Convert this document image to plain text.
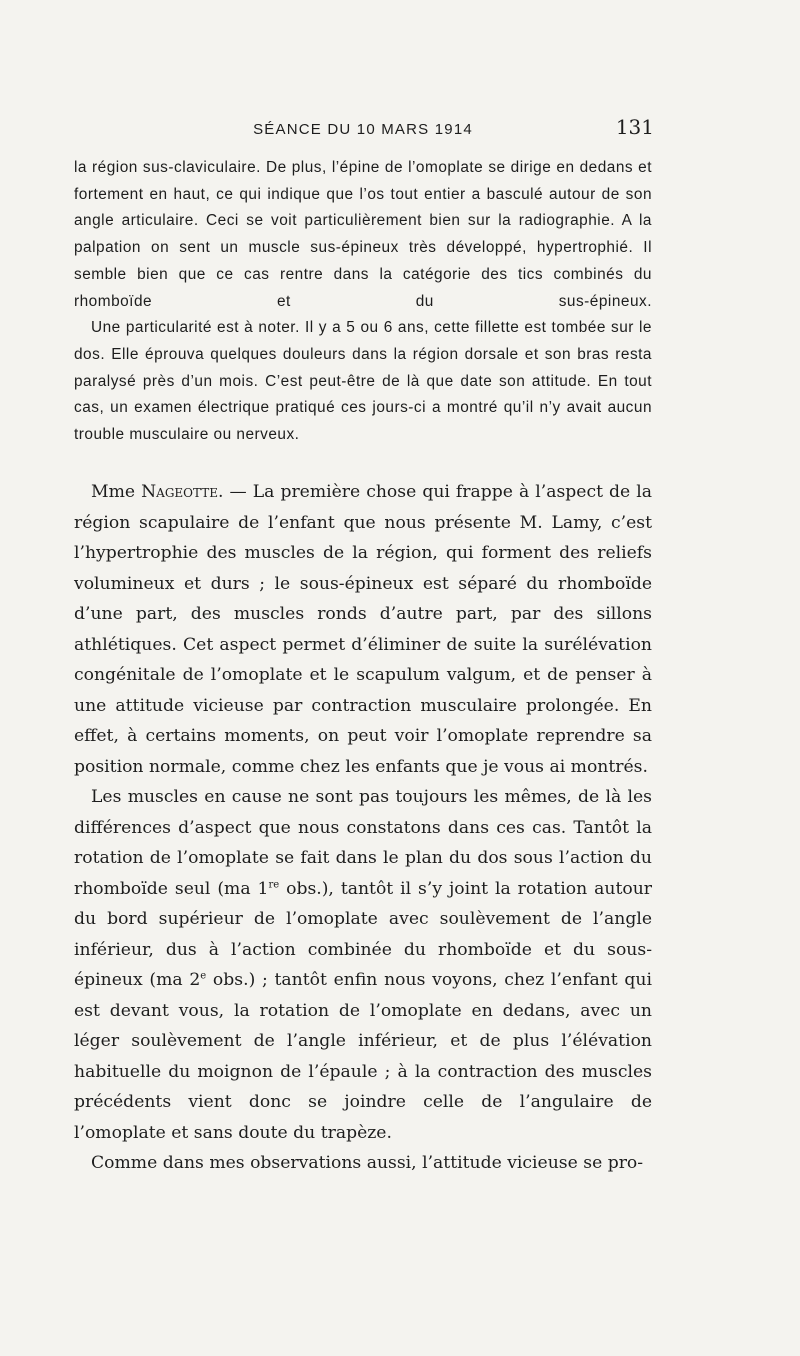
SÉANCE DU 10 MARS 1914	131

la région sus-claviculaire. De plus, l’épine de l’omoplate se dirige en dedans et fortement en haut, ce qui indique que l’os tout entier a basculé autour de son angle articulaire. Ceci se voit particulièrement bien sur la radiographie. A la palpation on sent un muscle sus-épineux très développé, hypertrophié. Il semble bien que ce cas rentre dans la catégorie des tics combinés du rhomboïde et du sus-épineux.

Une particularité est à noter. Il y a 5 ou 6 ans, cette fillette est tombée sur le dos. Elle éprouva quelques douleurs dans la région dorsale et son bras resta paralysé près d’un mois. C’est peut-être de là que date son attitude. En tout cas, un examen électrique pratiqué ces jours-ci a montré qu’il n’y avait aucun trouble musculaire ou nerveux.

Mme Nageotte. — La première chose qui frappe à l’aspect de la région scapulaire de l’enfant que nous présente M. Lamy, c’est l’hypertrophie des muscles de la région, qui forment des reliefs volumineux et durs ; le sous-épineux est séparé du rhomboïde d’une part, des muscles ronds d’autre part, par des sillons athlétiques. Cet aspect permet d’éliminer de suite la surélévation congénitale de l’omoplate et le scapulum valgum, et de penser à une attitude vicieuse par contraction musculaire prolongée. En effet, à certains moments, on peut voir l’omoplate reprendre sa position normale, comme chez les enfants que je vous ai montrés.

Les muscles en cause ne sont pas toujours les mêmes, de là les différences d’aspect que nous constatons dans ces cas. Tantôt la rotation de l’omoplate se fait dans le plan du dos sous l’action du rhomboïde seul (ma 1re obs.), tantôt il s’y joint la rotation autour du bord supérieur de l’omoplate avec soulèvement de l’angle inférieur, dus à l’action combinée du rhomboïde et du sous-épineux (ma 2e obs.) ; tantôt enfin nous voyons, chez l’enfant qui est devant vous, la rotation de l’omoplate en dedans, avec un léger soulèvement de l’angle inférieur, et de plus l’élévation habituelle du moignon de l’épaule ; à la contraction des muscles précédents vient donc se joindre celle de l’angulaire de l’omoplate et sans doute du trapèze.

Comme dans mes observations aussi, l’attitude vicieuse se pro-
